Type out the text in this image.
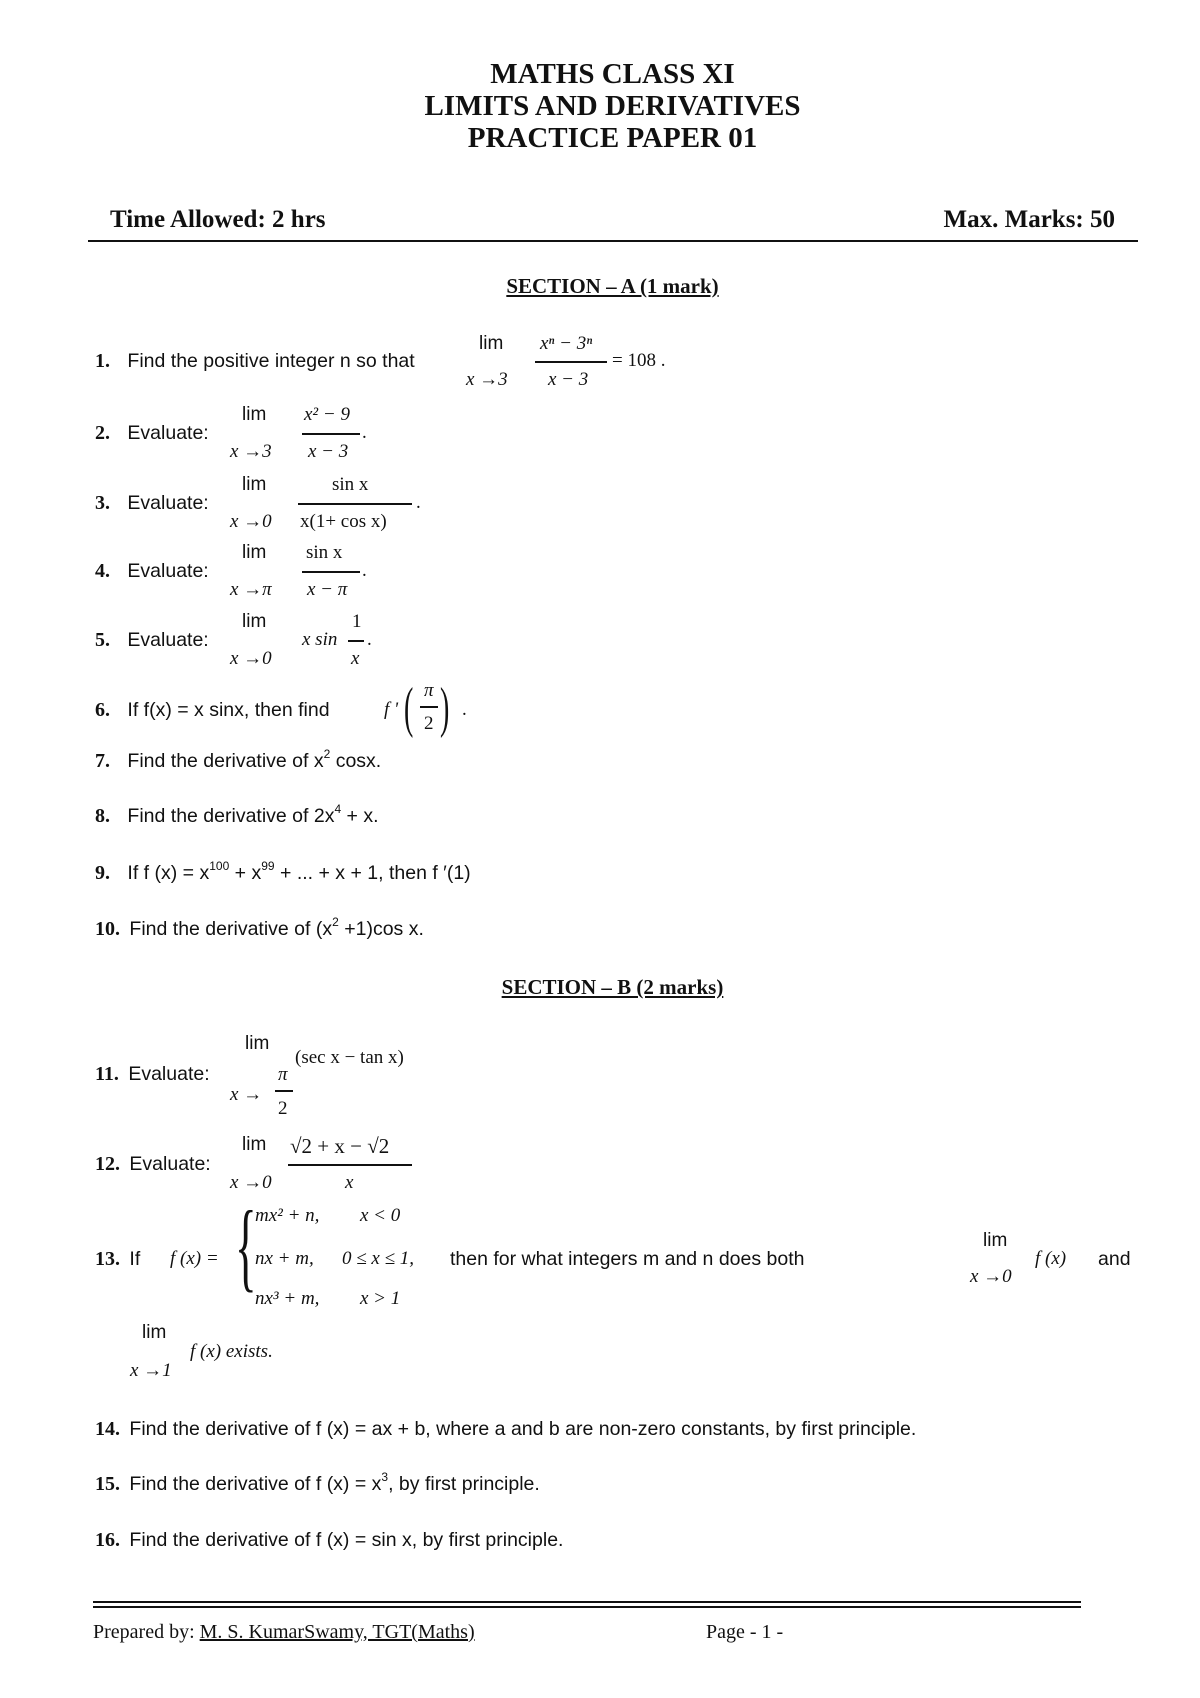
MATHS CLASS XI
LIMITS AND DERIVATIVES
PRACTICE PAPER 01
Time Allowed: 2 hrs	Max. Marks: 50
SECTION – A (1 mark)
1. Find the positive integer n so that
lim
x →3
xⁿ − 3ⁿ
x − 3
= 108 .
2. Evaluate:
lim
x →3
x² − 9
x − 3
.
3. Evaluate:
lim
x →0
sin x
x(1+ cos x)
.
4. Evaluate:
lim
x →π
sin x
x − π
.
5. Evaluate:
lim
x →0
x sin
1
x
.
6. If f(x) = x sinx, then find	f ' ( π
2 ) .
7. Find the derivative of $x^2$ cosx.
8. Find the derivative of $2x^4 + x$.
9. If f $(x) = x^{100} + x^{99}$ + ... + x + 1, then f ′(1)
10. Find the derivative of $(x^2 +1)\cos$ x.
SECTION – B (2 marks)
11. Evaluate:
lim
x →
π
2
(sec x − tan x)
12. Evaluate:
lim
x →0
√2 + x − √2
x
13. If f (x) = {
mx² + n, x < 0
nx + m, 0 ≤ x ≤ 1,
nx³ + m, x > 1
then for what integers m and n does both
lim
x →0
f (x) and
lim
x →1
f (x) exists.
14. Find the derivative of f (x) = ax + b, where a and b are non-zero constants, by first principle.
15. Find the derivative of f $(x) = x^3$, by first principle.
16. Find the derivative of f (x) = sin x, by first principle.
Prepared by: M. S. KumarSwamy, TGT(Maths)	Page - 1 -
